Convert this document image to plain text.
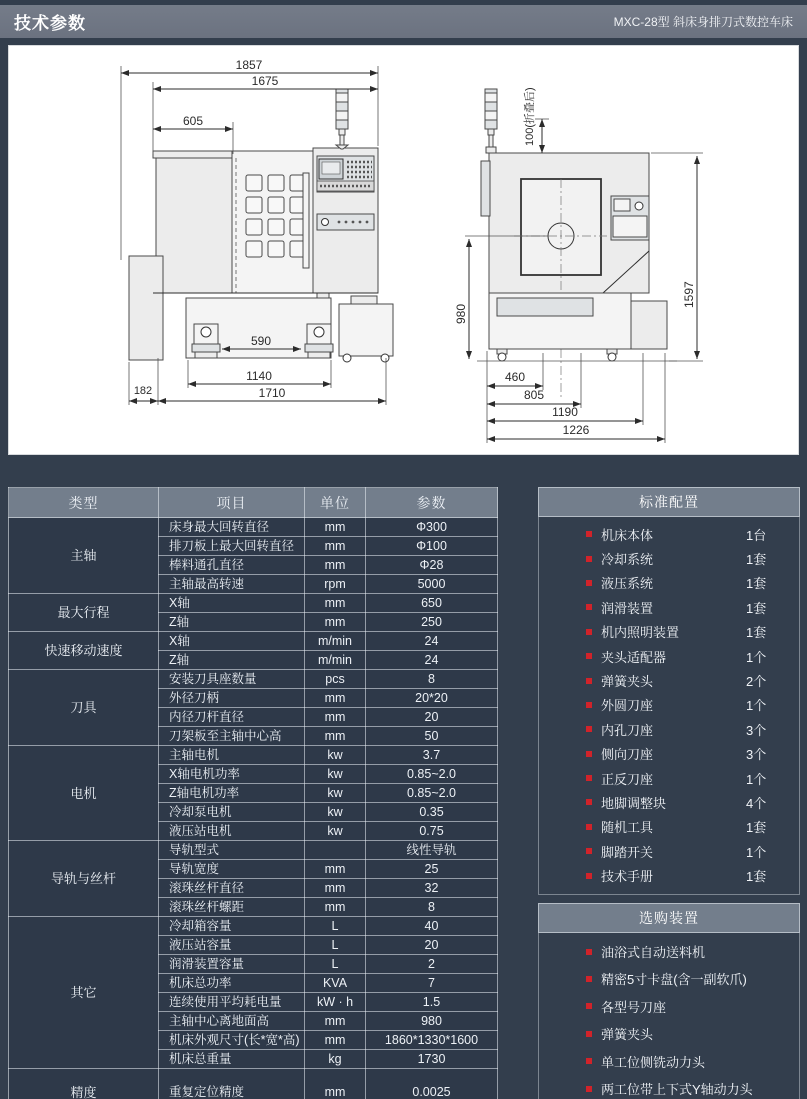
技术参数	MXC-28型 斜床身排刀式数控车床
1857
1675
605
590
1140
1710
182
100(折叠后)
1597
980
460
805
1190
1226
类型	项目	单位	参数
主轴	床身最大回转直径	mm	Φ300
	排刀板上最大回转直径	mm	Φ100
	棒料通孔直径	mm	Φ28
	主轴最高转速	rpm	5000
最大行程	X轴	mm	650
	Z轴	mm	250
快速移动速度	X轴	m/min	24
	Z轴	m/min	24
刀具	安装刀具座数量	pcs	8
	外径刀柄	mm	20*20
	内径刀杆直径	mm	20
	刀架板至主轴中心高	mm	50
电机	主轴电机	kw	3.7
	X轴电机功率	kw	0.85~2.0
	Z轴电机功率	kw	0.85~2.0
	冷却泵电机	kw	0.35
	液压站电机	kw	0.75
导轨与丝杆	导轨型式		线性导轨
	导轨宽度	mm	25
	滚珠丝杆直径	mm	32
	滚珠丝杆螺距	mm	8
其它	冷却箱容量	L	40
	液压站容量	L	20
	润滑装置容量	L	2
	机床总功率	KVA	7
	连续使用平均耗电量	kW · h	1.5
	主轴中心离地面高	mm	980
	机床外观尺寸(长*宽*高)	mm	1860*1330*1600
	机床总重量	kg	1730
精度	重复定位精度	mm	0.0025
标准配置
机床本体	1台
冷却系统	1套
液压系统	1套
润滑装置	1套
机内照明装置	1套
夹头适配器	1个
弹簧夹头	2个
外圆刀座	1个
内孔刀座	3个
侧向刀座	3个
正反刀座	1个
地脚调整块	4个
随机工具	1套
脚踏开关	1个
技术手册	1套
选购装置
油浴式自动送料机
精密5寸卡盘(含一副软爪)
各型号刀座
弹簧夹头
单工位侧铣动力头
两工位带上下式Y轴动力头
